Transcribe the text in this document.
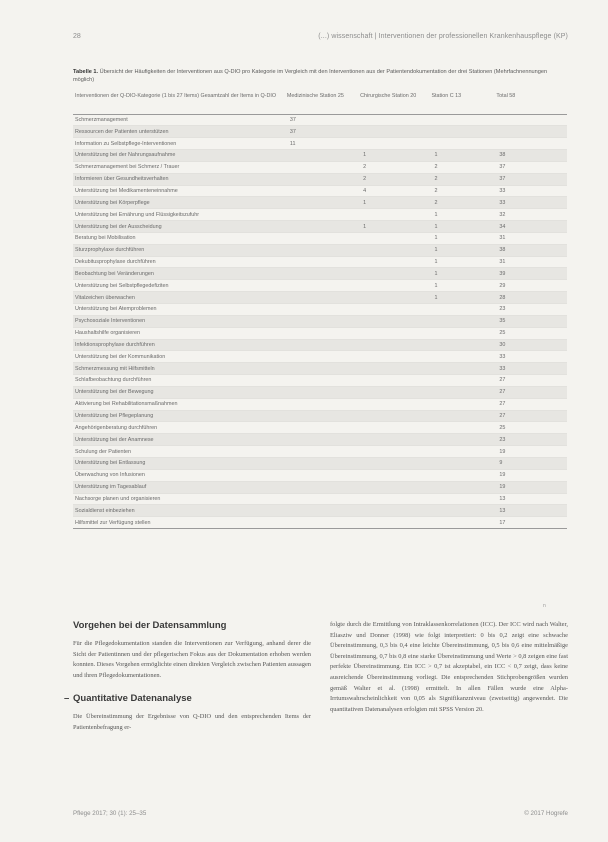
28	(...) wissenschaft | Interventionen der professionellen Krankenhauspflege (KP)
Tabelle 1. Übersicht der Häufigkeiten der Interventionen aus Q-DIO pro Kategorie im Vergleich mit den Interventionen aus der Patientendokumentation der drei Stationen (Mehrfachnennungen möglich)
Interventionen der Q-DIO-Kategorie (1 bis 27 Items) Gesamtzahl der Items in Q-DIO	Medizinische Station 25	Chirurgische Station 20	Station C 13	Total 58
Schmerzmanagement	37			
Ressourcen der Patienten unterstützen	37			
Information zu Selbstpflege-Interventionen	11			
Unterstützung bei der Nahrungsaufnahme		1	1	38
Schmerzmanagement bei Schmerz / Trauer		2	2	37
Informieren über Gesundheitsverhalten		2	2	37
Unterstützung bei Medikamenteneinnahme		4	2	33
Unterstützung bei Körperpflege		1	2	33
Unterstützung bei Ernährung und Flüssigkeitszufuhr			1	32
Unterstützung bei der Ausscheidung		1	1	34
Beratung bei Mobilisation			1	31
Sturzprophylaxe durchführen			1	38
Dekubitusprophylaxe durchführen			1	31
Beobachtung bei Veränderungen			1	39
Unterstützung bei Selbstpflegedefiziten			1	29
Vitalzeichen überwachen			1	28
Unterstützung bei Atemproblemen				23
Psychosoziale Interventionen				35
Haushaltshilfe organisieren				25
Infektionsprophylaxe durchführen				30
Unterstützung bei der Kommunikation				33
Schmerzmessung mit Hilfsmitteln				33
Schlafbeobachtung durchführen				27
Unterstützung bei der Bewegung				27
Aktivierung bei Rehabilitationsmaßnahmen				27
Unterstützung bei Pflegeplanung				27
Angehörigenberatung durchführen				25
Unterstützung bei der Anamnese				23
Schulung der Patienten				19
Unterstützung bei Entlassung				9
Überwachung von Infusionen				19
Unterstützung im Tagesablauf				19
Nachsorge planen und organisieren				13
Sozialdienst einbeziehen				13
Hilfsmittel zur Verfügung stellen				17
n
Vorgehen bei der Datensammlung

Für die Pflegedokumentation standen die Interventionen zur Verfügung, anhand derer die Sicht der Patientinnen und der pflegerischen Fokus aus der Dokumentation erhoben werden konnten. Dieses Vorgehen ermöglichte einen direkten Vergleich zwischen Patienten aussagen und ihren Pflegedokumentationen.

– Quantitative Datenanalyse

Die Übereinstimmung der Ergebnisse von Q-DIO und den entsprechenden Items der Patientenbefragung er-

folgte durch die Ermittlung von Intraklassenkorrelationen (ICC). Der ICC wird nach Walter, Eliasziw und Donner (1998) wie folgt interpretiert: 0 bis 0,2 zeigt eine schwache Übereinstimmung, 0,3 bis 0,4 eine leichte Übereinstimmung, 0,5 bis 0,6 eine mittelmäßige Übereinstimmung, 0,7 bis 0,8 eine starke Übereinstimmung und Werte > 0,8 zeigen eine fast perfekte Übereinstimmung. Ein ICC > 0,7 ist akzeptabel, ein ICC < 0,7 zeigt, dass keine ausreichende Übereinstimmung vorliegt. Die entsprechenden Stichprobengrößen wurden gemäß Walter et al. (1998) ermittelt. In allen Fällen wurde eine Alpha-Irrtumswahrscheinlichkeit von 0,05 als Signifikanzniveau (zweiseitig) angewendet. Die quantitativen Datenanalysen erfolgten mit SPSS Version 20.

Pflege 2017; 30 (1): 25–35	© 2017 Hogrefe
